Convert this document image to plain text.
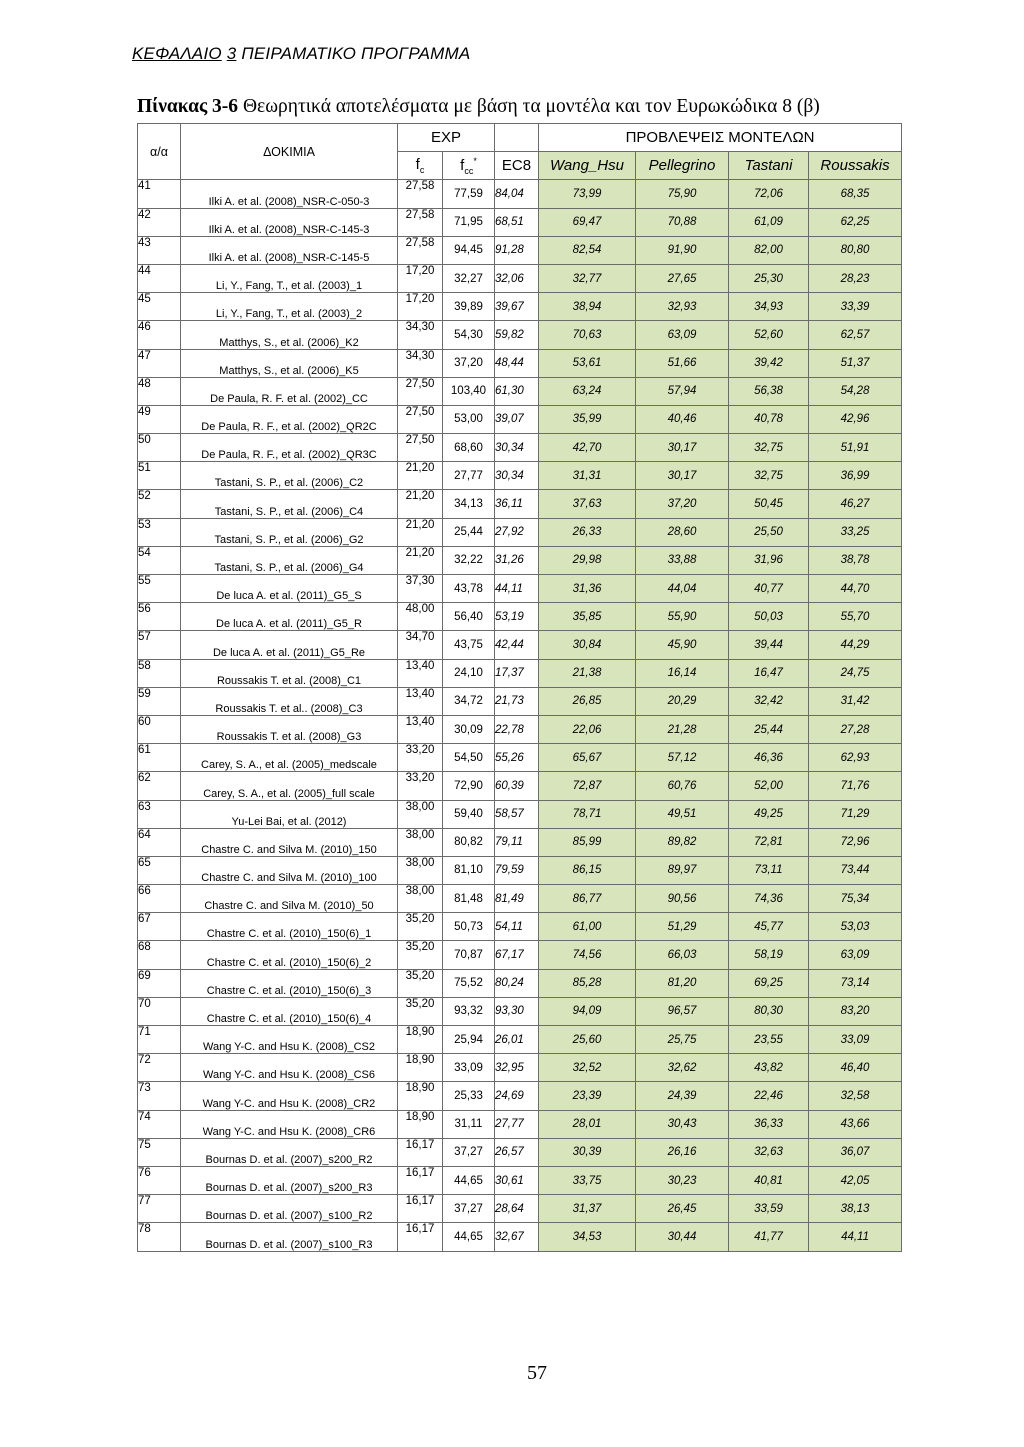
ΚΕΦΑΛΑΙΟ 3 ΠΕΙΡΑΜΑΤΙΚΟ ΠΡΟΓΡΑΜΜΑ
Πίνακας 3-6 Θεωρητικά αποτελέσματα με βάση τα μοντέλα και τον Ευρωκώδικα 8 (β)
α/α	ΔΟΚΙΜΙΑ	EXP			ΠΡΟΒΛΕΨΕΙΣ ΜΟΝΤΕΛΩΝ			
		$f_c$	$f_{cc}^*$	EC8	Wang_Hsu	Pellegrino	Tastani	Roussakis
41	Ilki A. et al. (2008)_NSR-C-050-3	27,58	77,59	84,04	73,99	75,90	72,06	68,35
42	Ilki A. et al. (2008)_NSR-C-145-3	27,58	71,95	68,51	69,47	70,88	61,09	62,25
43	Ilki A. et al. (2008)_NSR-C-145-5	27,58	94,45	91,28	82,54	91,90	82,00	80,80
44	Li, Y., Fang, T., et al. (2003)_1	17,20	32,27	32,06	32,77	27,65	25,30	28,23
45	Li, Y., Fang, T., et al. (2003)_2	17,20	39,89	39,67	38,94	32,93	34,93	33,39
46	Matthys, S., et al. (2006)_K2	34,30	54,30	59,82	70,63	63,09	52,60	62,57
47	Matthys, S., et al. (2006)_K5	34,30	37,20	48,44	53,61	51,66	39,42	51,37
48	De Paula, R. F. et al. (2002)_CC	27,50	103,40	61,30	63,24	57,94	56,38	54,28
49	De Paula, R. F., et al. (2002)_QR2C	27,50	53,00	39,07	35,99	40,46	40,78	42,96
50	De Paula, R. F., et al. (2002)_QR3C	27,50	68,60	30,34	42,70	30,17	32,75	51,91
51	Tastani, S. P., et al. (2006)_C2	21,20	27,77	30,34	31,31	30,17	32,75	36,99
52	Tastani, S. P., et al. (2006)_C4	21,20	34,13	36,11	37,63	37,20	50,45	46,27
53	Tastani, S. P., et al. (2006)_G2	21,20	25,44	27,92	26,33	28,60	25,50	33,25
54	Tastani, S. P., et al. (2006)_G4	21,20	32,22	31,26	29,98	33,88	31,96	38,78
55	De luca A. et al. (2011)_G5_S	37,30	43,78	44,11	31,36	44,04	40,77	44,70
56	De luca A. et al. (2011)_G5_R	48,00	56,40	53,19	35,85	55,90	50,03	55,70
57	De luca A. et al. (2011)_G5_Re	34,70	43,75	42,44	30,84	45,90	39,44	44,29
58	Roussakis T. et al. (2008)_C1	13,40	24,10	17,37	21,38	16,14	16,47	24,75
59	Roussakis T. et al.. (2008)_C3	13,40	34,72	21,73	26,85	20,29	32,42	31,42
60	Roussakis T. et al. (2008)_G3	13,40	30,09	22,78	22,06	21,28	25,44	27,28
61	Carey, S. A., et al. (2005)_medscale	33,20	54,50	55,26	65,67	57,12	46,36	62,93
62	Carey, S. A., et al. (2005)_full scale	33,20	72,90	60,39	72,87	60,76	52,00	71,76
63	Yu-Lei Bai, et al. (2012)	38,00	59,40	58,57	78,71	49,51	49,25	71,29
64	Chastre C. and Silva M. (2010)_150	38,00	80,82	79,11	85,99	89,82	72,81	72,96
65	Chastre C. and Silva M. (2010)_100	38,00	81,10	79,59	86,15	89,97	73,11	73,44
66	Chastre C. and Silva M. (2010)_50	38,00	81,48	81,49	86,77	90,56	74,36	75,34
67	Chastre C. et al. (2010)_150(6)_1	35,20	50,73	54,11	61,00	51,29	45,77	53,03
68	Chastre C. et al. (2010)_150(6)_2	35,20	70,87	67,17	74,56	66,03	58,19	63,09
69	Chastre C. et al. (2010)_150(6)_3	35,20	75,52	80,24	85,28	81,20	69,25	73,14
70	Chastre C. et al. (2010)_150(6)_4	35,20	93,32	93,30	94,09	96,57	80,30	83,20
71	Wang Y-C. and Hsu K. (2008)_CS2	18,90	25,94	26,01	25,60	25,75	23,55	33,09
72	Wang Y-C. and Hsu K. (2008)_CS6	18,90	33,09	32,95	32,52	32,62	43,82	46,40
73	Wang Y-C. and Hsu K. (2008)_CR2	18,90	25,33	24,69	23,39	24,39	22,46	32,58
74	Wang Y-C. and Hsu K. (2008)_CR6	18,90	31,11	27,77	28,01	30,43	36,33	43,66
75	Bournas D. et al. (2007)_s200_R2	16,17	37,27	26,57	30,39	26,16	32,63	36,07
76	Bournas D. et al. (2007)_s200_R3	16,17	44,65	30,61	33,75	30,23	40,81	42,05
77	Bournas D. et al. (2007)_s100_R2	16,17	37,27	28,64	31,37	26,45	33,59	38,13
78	Bournas D. et al. (2007)_s100_R3	16,17	44,65	32,67	34,53	30,44	41,77	44,11
57
